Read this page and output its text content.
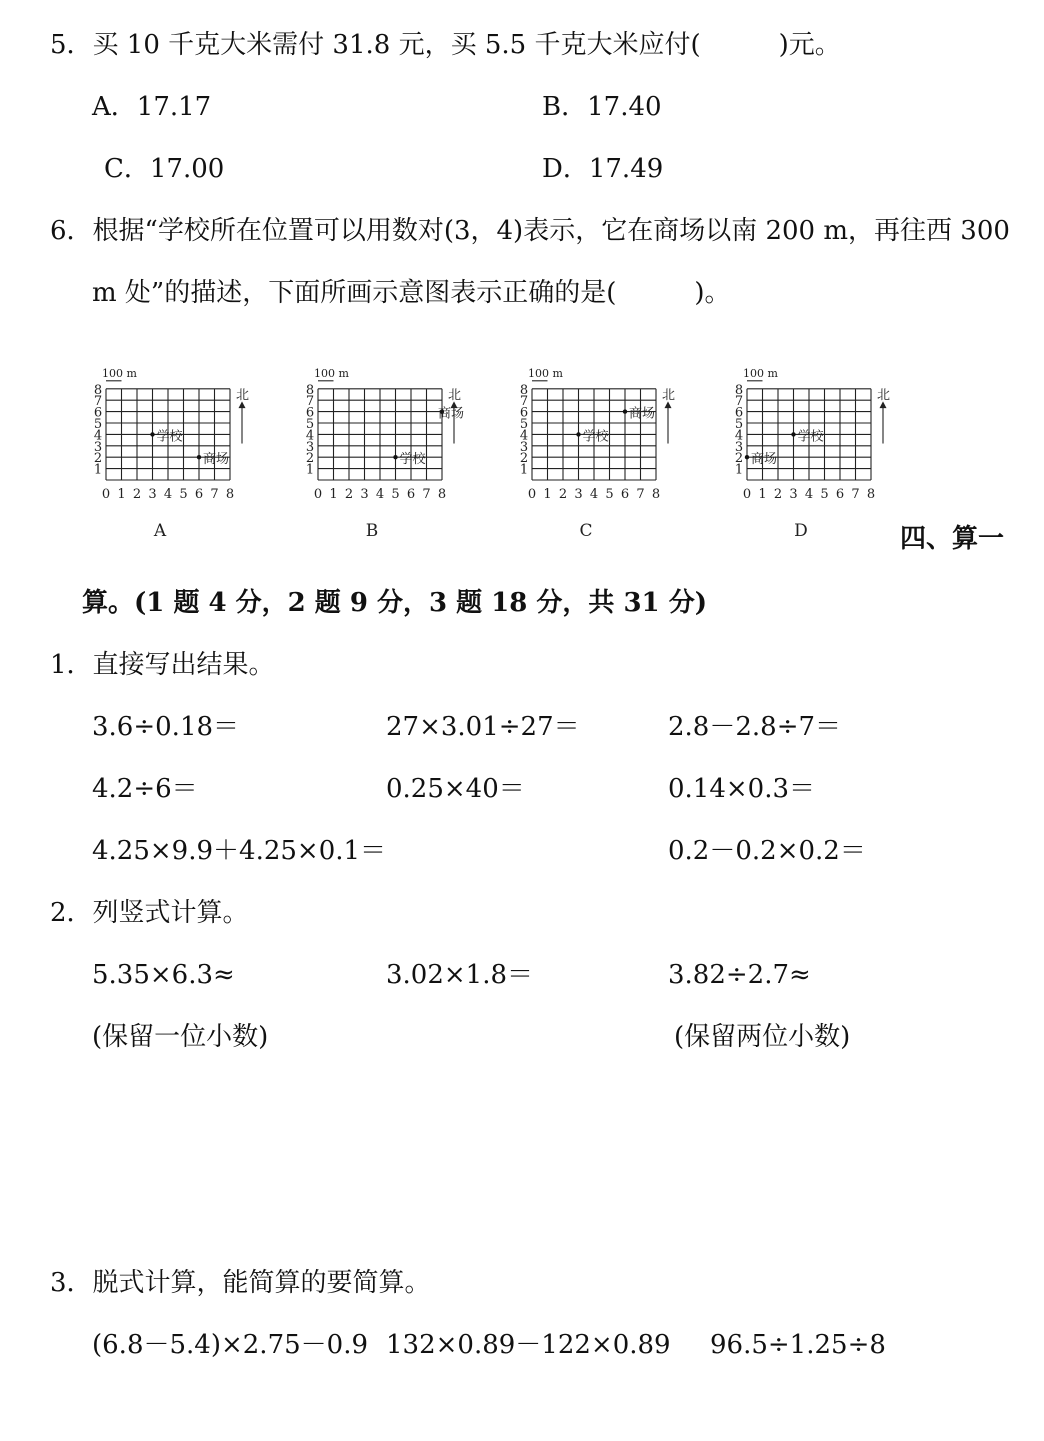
5．买 10 千克大米需付 31.8 元，买 5.5 千克大米应付(　　　)元。
A．17.17	B．17.40
C．17.00	D．17.49
6．根据“学校所在位置可以用数对(3，4)表示，它在商场以南 200 m，再往西 300
m 处”的描述，下面所画示意图表示正确的是(　　　)。
0 1 2 3 4 5 6 7 8
1
2
3
4
5
6
7
8
100 m
北
学校
商场
A
0 1 2 3 4 5 6 7 8
1
2
3
4
5
6
7
8
100 m
北
学校
商场
B
0 1 2 3 4 5 6 7 8
1
2
3
4
5
6
7
8
100 m
北
学校
商场
C
0 1 2 3 4 5 6 7 8
1
2
3
4
5
6
7
8
100 m
北
学校
商场
D	四、算一
算。(1 题 4 分，2 题 9 分，3 题 18 分，共 31 分)
1．直接写出结果。
3.6÷0.18＝	27×3.01÷27＝	2.8－2.8÷7＝
4.2÷6＝	0.25×40＝	0.14×0.3＝
4.25×9.9＋4.25×0.1＝	0.2－0.2×0.2＝
2．列竖式计算。
5.35×6.3≈	3.02×1.8＝	3.82÷2.7≈
(保留一位小数)	(保留两位小数)
3．脱式计算，能简算的要简算。
(6.8－5.4)×2.75－0.9 132×0.89－122×0.89 96.5÷1.25÷8
